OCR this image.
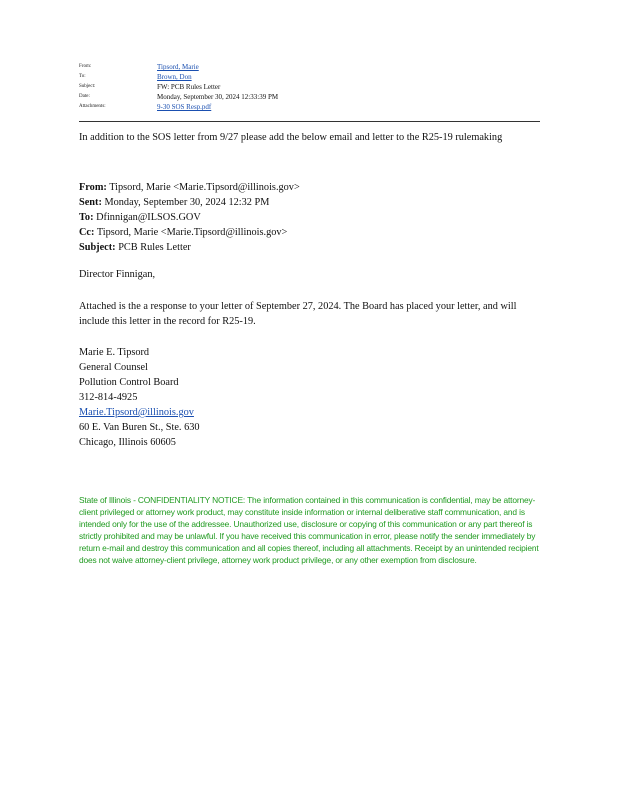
From:	Tipsord, Marie
To:	Brown, Don
Subject:	FW: PCB Rules Letter
Date:	Monday, September 30, 2024 12:33:39 PM
Attachments:	9-30 SOS Resp.pdf
In addition to the SOS letter from 9/27 please add the below email and letter to the R25-19 rulemaking
From: Tipsord, Marie <Marie.Tipsord@illinois.gov>
Sent: Monday, September 30, 2024 12:32 PM
To: Dfinnigan@ILSOS.GOV
Cc: Tipsord, Marie <Marie.Tipsord@illinois.gov>
Subject: PCB Rules Letter
Director Finnigan,
Attached is the a response to your letter of September 27, 2024. The Board has placed your letter, and will include this letter in the record for R25-19.
Marie E. Tipsord
General Counsel
Pollution Control Board
312-814-4925
Marie.Tipsord@illinois.gov
60 E. Van Buren St., Ste. 630
Chicago, Illinois 60605
State of Illinois - CONFIDENTIALITY NOTICE: The information contained in this communication is confidential, may be attorney-client privileged or attorney work product, may constitute inside information or internal deliberative staff communication, and is intended only for the use of the addressee. Unauthorized use, disclosure or copying of this communication or any part thereof is strictly prohibited and may be unlawful. If you have received this communication in error, please notify the sender immediately by return e-mail and destroy this communication and all copies thereof, including all attachments. Receipt by an unintended recipient does not waive attorney-client privilege, attorney work product privilege, or any other exemption from disclosure.
